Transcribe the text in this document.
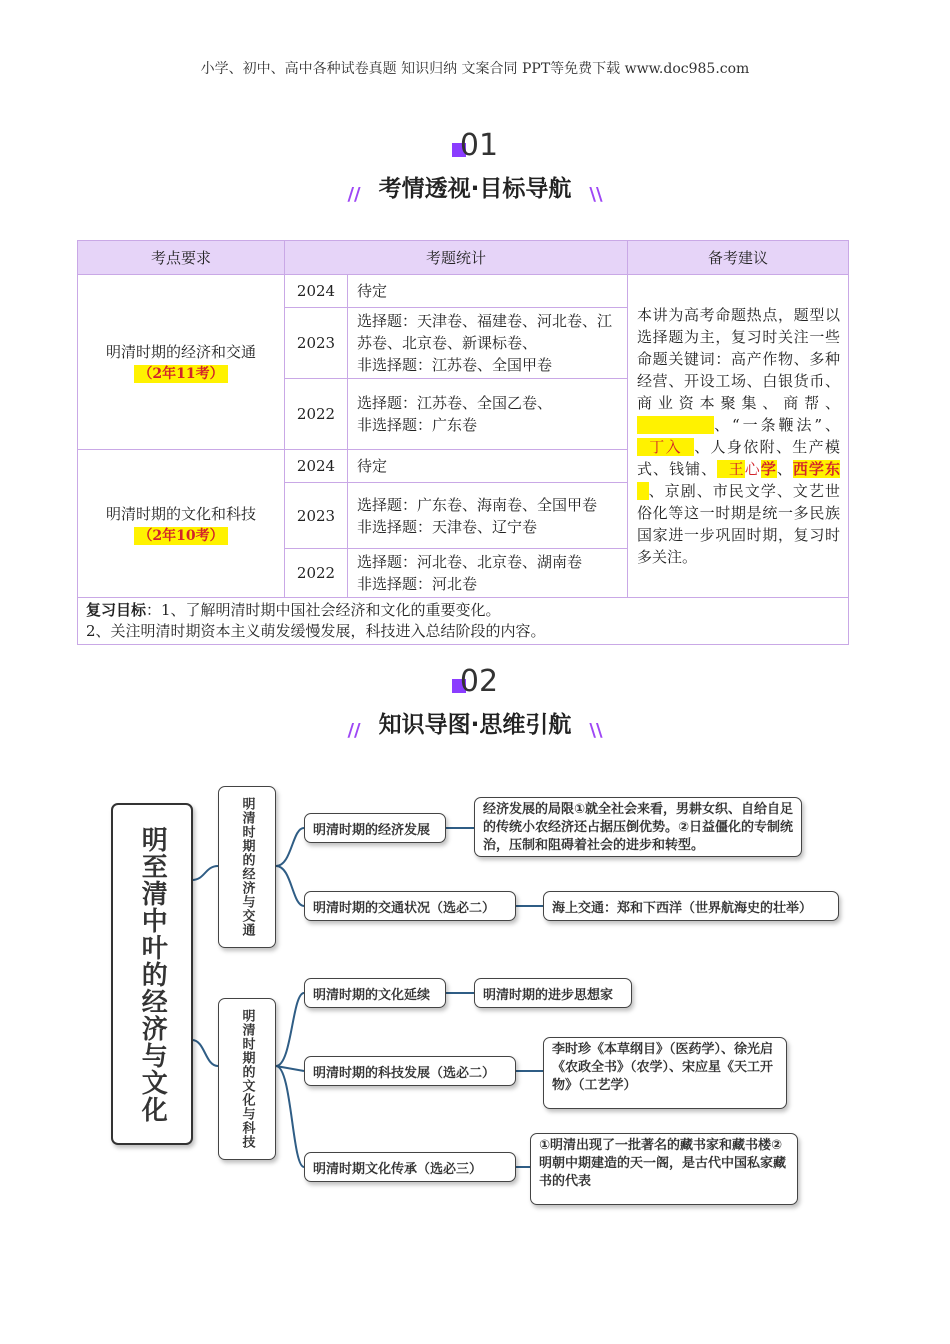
小学、初中、高中各种试卷真题 知识归纳 文案合同 PPT等免费下载 www.doc985.com
01
// 考情透视·目标导航 \\
考点要求	考题统计		备考建议

明清时期的经济和交通
（2年11考）	2024	待定	本讲为高考命题热点，题型以选择题为主，复习时关注一些命题关键词：高产作物、多种经营、开设工场、白银货币、商业资本聚集、商帮、          、“一条鞭法”、  丁入  、人身依附、生产模式、钱铺、  王心学、西学东  、京剧、市民文学、文艺世俗化等这一时期是统一多民族国家进一步巩固时期，复习时多关注。
	2023	选择题：天津卷、福建卷、河北卷、江苏卷、北京卷、新课标卷、
非选择题：江苏卷、全国甲卷	

	2022	选择题：江苏卷、全国乙卷、
非选择题：广东卷	

明清时期的文化和科技
（2年10考）	2024	待定	
	2023	选择题：广东卷、海南卷、全国甲卷
非选择题：天津卷、辽宁卷	

	2022	选择题：河北卷、北京卷、湖南卷
非选择题：河北卷	

复习目标：1、了解明清时期中国社会经济和文化的重要变化。
2、关注明清时期资本主义萌发缓慢发展，科技进入总结阶段的内容。			
02
// 知识导图·思维引航 \\
明至清中叶的经济与文化	明清时期的经济与交通
明清时期的文化与科技
明清时期的经济发展
经济发展的局限①就全社会来看，男耕女织、自给自足的传统小农经济还占据压倒优势。②日益僵化的专制统治，压制和阻碍着社会的进步和转型。
明清时期的交通状况（选必二）	海上交通：郑和下西洋（世界航海史的壮举）
明清时期的文化延续	明清时期的进步思想家
明清时期的科技发展（选必二）
李时珍《本草纲目》（医药学）、徐光启《农政全书》（农学）、宋应星《天工开物》（工艺学）
明清时期文化传承（选必三）
①明清出现了一批著名的藏书家和藏书楼②明朝中期建造的天一阁，是古代中国私家藏书的代表
